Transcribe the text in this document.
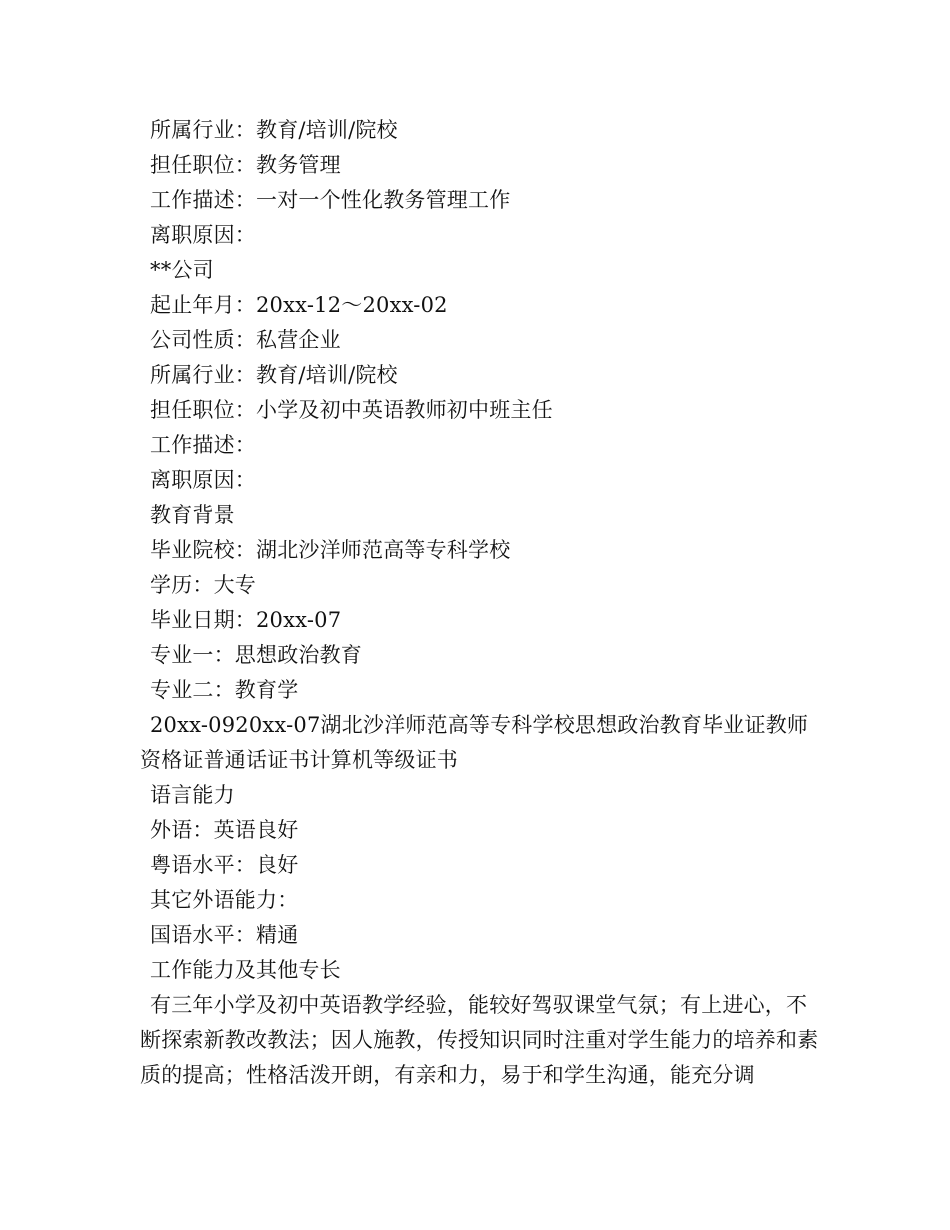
所属行业：教育/培训/院校
担任职位：教务管理
工作描述：一对一个性化教务管理工作
离职原因：
**公司
起止年月：20xx-12～20xx-02
公司性质：私营企业
所属行业：教育/培训/院校
担任职位：小学及初中英语教师初中班主任
工作描述：
离职原因：
教育背景
毕业院校：湖北沙洋师范高等专科学校
学历：大专
毕业日期：20xx-07
专业一：思想政治教育
专业二：教育学
20xx-0920xx-07湖北沙洋师范高等专科学校思想政治教育毕业证教师资格证普通话证书计算机等级证书
语言能力
外语：英语良好
粤语水平：良好
其它外语能力：
国语水平：精通
工作能力及其他专长
有三年小学及初中英语教学经验，能较好驾驭课堂气氛；有上进心，不断探索新教改教法；因人施教，传授知识同时注重对学生能力的培养和素质的提高；性格活泼开朗，有亲和力，易于和学生沟通，能充分调
